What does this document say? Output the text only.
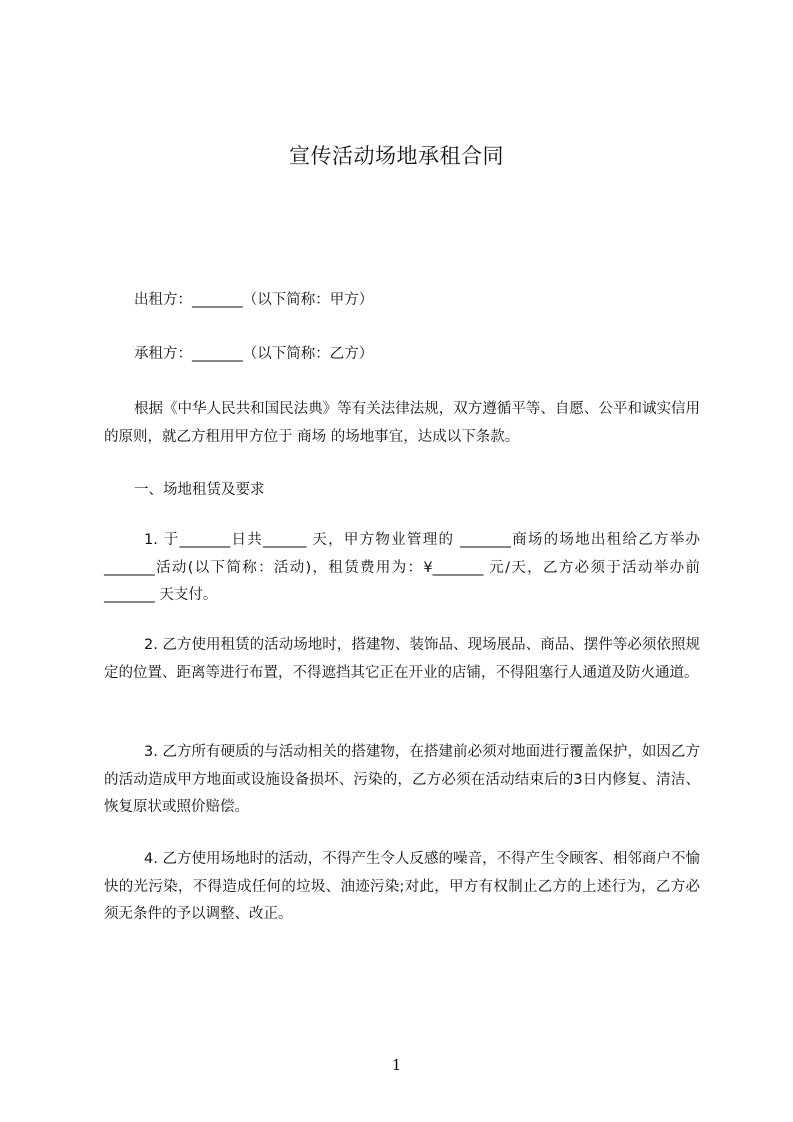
宣传活动场地承租合同

出租方：_______（以下简称：甲方）

承租方：_______（以下简称：乙方）

根据《中华人民共和国民法典》等有关法律法规，双方遵循平等、自愿、公平和诚实信用的原则，就乙方租用甲方位于 商场 的场地事宜，达成以下条款。

一、场地租赁及要求

1. 于_______日共______ 天，甲方物业管理的 _______商场的场地出租给乙方举办 _______活动(以下简称：活动)，租赁费用为：¥_______ 元/天，乙方必须于活动举办前 _______ 天支付。

2. 乙方使用租赁的活动场地时，搭建物、装饰品、现场展品、商品、摆件等必须依照规定的位置、距离等进行布置，不得遮挡其它正在开业的店铺，不得阻塞行人通道及防火通道。

3. 乙方所有硬质的与活动相关的搭建物，在搭建前必须对地面进行覆盖保护，如因乙方的活动造成甲方地面或设施设备损坏、污染的，乙方必须在活动结束后的3日内修复、清洁、恢复原状或照价赔偿。

4. 乙方使用场地时的活动，不得产生令人反感的噪音，不得产生令顾客、相邻商户不愉快的光污染，不得造成任何的垃圾、油迹污染;对此，甲方有权制止乙方的上述行为，乙方必须无条件的予以调整、改正。

1
